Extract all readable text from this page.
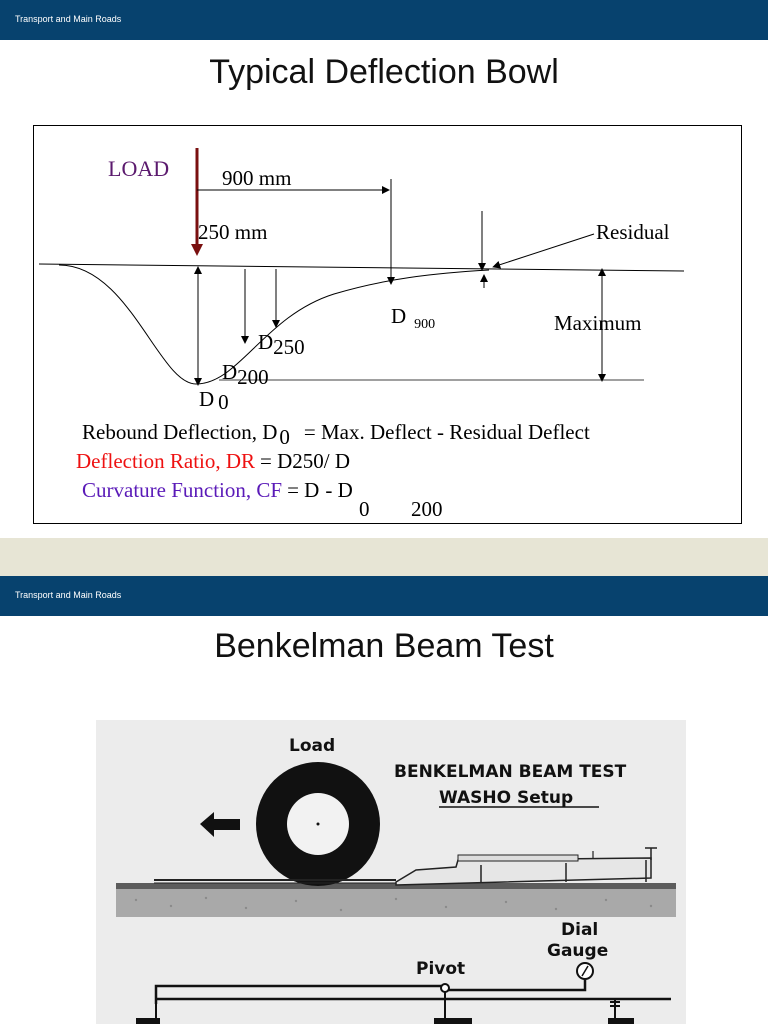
Transport and Main Roads
Typical Deflection Bowl
LOAD	900 mm
250 mm	Residual
Maximum
D $_{900}$
D250
D200
D 0
Rebound Deflection, D0 = Max. Deflect - Residual Deflect
Deflection Ratio, DR = D250/ D
Curvature Function, CF = D - D
0 200
Transport and Main Roads
Benkelman Beam Test
Load
BENKELMAN BEAM TEST
WASHO Setup
Dial
Gauge
Pivot
